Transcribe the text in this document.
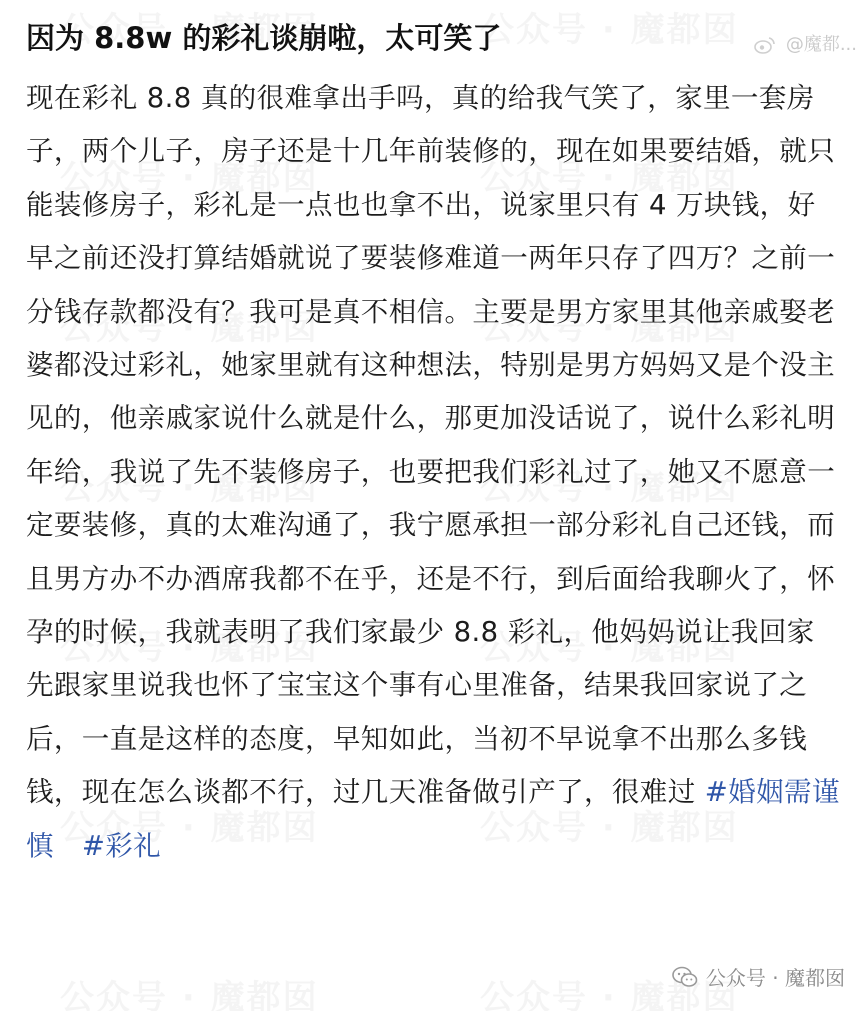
@魔都...
因为 8.8w 的彩礼谈崩啦，太可笑了

现在彩礼 8.8 真的很难拿出手吗，真的给我气笑了，家里一套房子，两个儿子，房子还是十几年前装修的，现在如果要结婚，就只能装修房子，彩礼是一点也也拿不出，说家里只有 4 万块钱，好早之前还没打算结婚就说了要装修难道一两年只存了四万？之前一分钱存款都没有？我可是真不相信。主要是男方家里其他亲戚娶老婆都没过彩礼，她家里就有这种想法，特别是男方妈妈又是个没主见的，他亲戚家说什么就是什么，那更加没话说了，说什么彩礼明年给，我说了先不装修房子，也要把我们彩礼过了，她又不愿意一定要装修，真的太难沟通了，我宁愿承担一部分彩礼自己还钱，而且男方办不办酒席我都不在乎，还是不行，到后面给我聊火了，怀孕的时候，我就表明了我们家最少 8.8 彩礼，他妈妈说让我回家先跟家里说我也怀了宝宝这个事有心里准备，结果我回家说了之后，一直是这样的态度，早知如此，当初不早说拿不出那么多钱钱，现在怎么谈都不行，过几天准备做引产了，很难过 #婚姻需谨慎  #彩礼

公众号 · 魔都囡
